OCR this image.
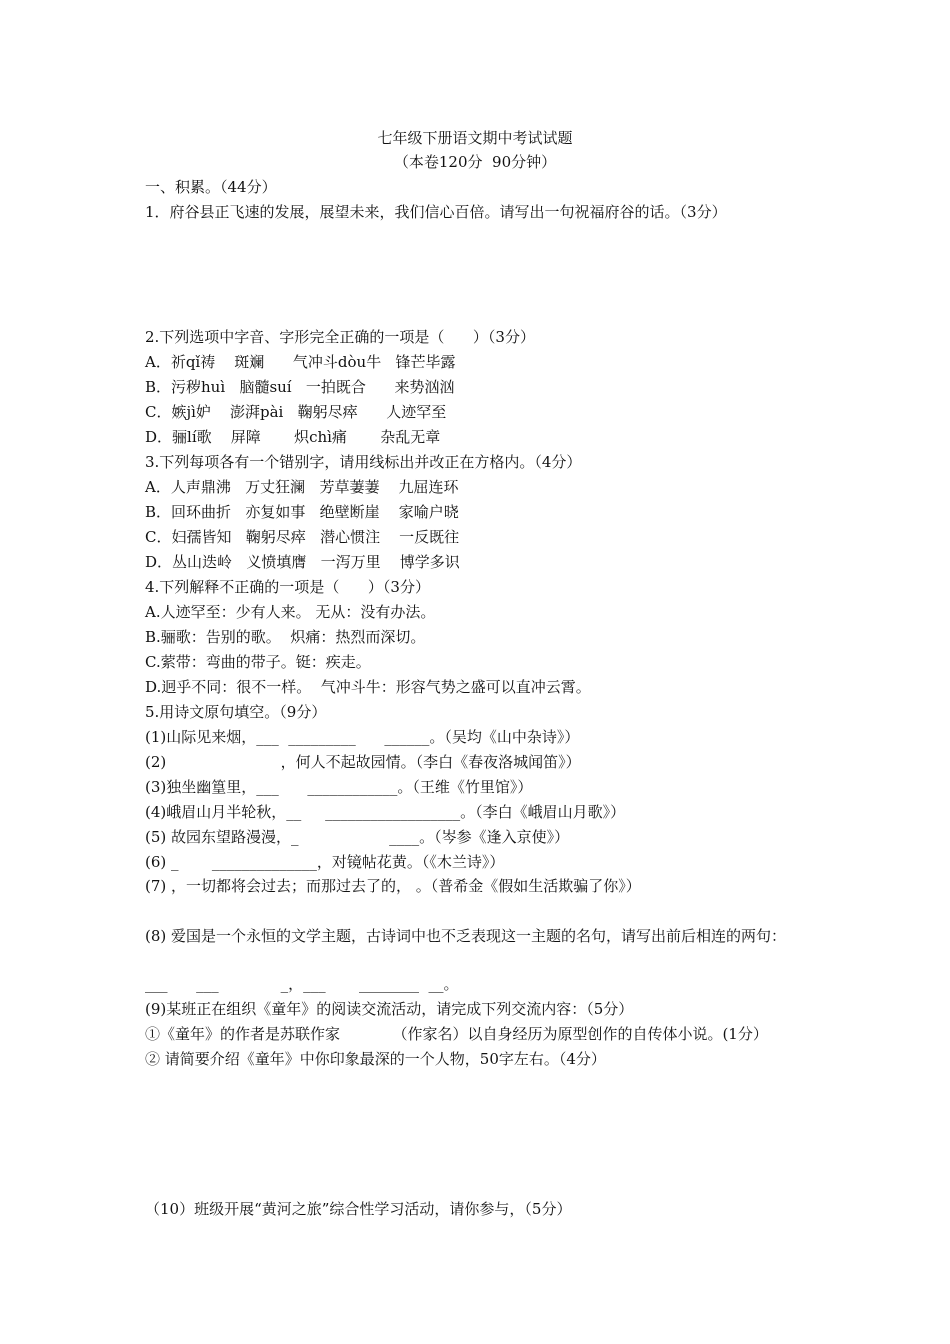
七年级下册语文期中考试试题
（本卷120分  90分钟）
一、积累。（44分）
1．府谷县正飞速的发展，展望未来，我们信心百倍。请写出一句祝福府谷的话。（3分）
2.下列选项中字音、字形完全正确的一项是（      ）（3分）
A．祈qǐ祷    斑斓      气冲斗dòu牛   锋芒毕露
B．污秽huì   脑髓suí   一拍既合      来势汹汹
C．嫉jì妒    澎湃pài   鞠躬尽瘁      人迹罕至
D．骊lí歌    屏障       炽chì痛       杂乱无章
3.下列每项各有一个错别字，请用线标出并改正在方格内。（4分）
A．人声鼎沸   万丈狂澜   芳草萋萋    九屈连环
B．回环曲折   亦复如事   绝壁断崖    家喻户晓
C．妇孺皆知   鞠躬尽瘁   潜心惯注    一反既往
D．丛山迭岭   义愤填膺   一泻万里    博学多识
4.下列解释不正确的一项是（      ）（3分）
A.人迹罕至：少有人来。 无从：没有办法。
B.骊歌：告别的歌。  炽痛：热烈而深切。
C.萦带：弯曲的带子。铤：疾走。
D.迥乎不同：很不一样。  气冲斗牛：形容气势之盛可以直冲云霄。
5.用诗文原句填空。（9分）
(1)山际见来烟，___  _________      ______。（吴均《山中杂诗》）
(2)                        ，何人不起故园情。（李白《春夜洛城闻笛》）
(3)独坐幽篁里，___      ____________。（王维《竹里馆》）
(4)峨眉山月半轮秋，__     __________________。（李白《峨眉山月歌》）
(5) 故园东望路漫漫，_                   ____。（岑参《逢入京使》）
(6) _       ______________，对镜帖花黄。（《木兰诗》）
(7) ，一切都将会过去；而那过去了的， 。（普希金《假如生活欺骗了你》）
(8) 爱国是一个永恒的文学主题，古诗词中也不乏表现这一主题的名句，请写出前后相连的两句：
___      ___             _，___       ________  __。
(9)某班正在组织《童年》的阅读交流活动，请完成下列交流内容：（5分）
①《童年》的作者是苏联作家           （作家名）以自身经历为原型创作的自传体小说。(1分）
② 请简要介绍《童年》中你印象最深的一个人物，50字左右。（4分）
（10）班级开展“黄河之旅”综合性学习活动，请你参与，（5分）
